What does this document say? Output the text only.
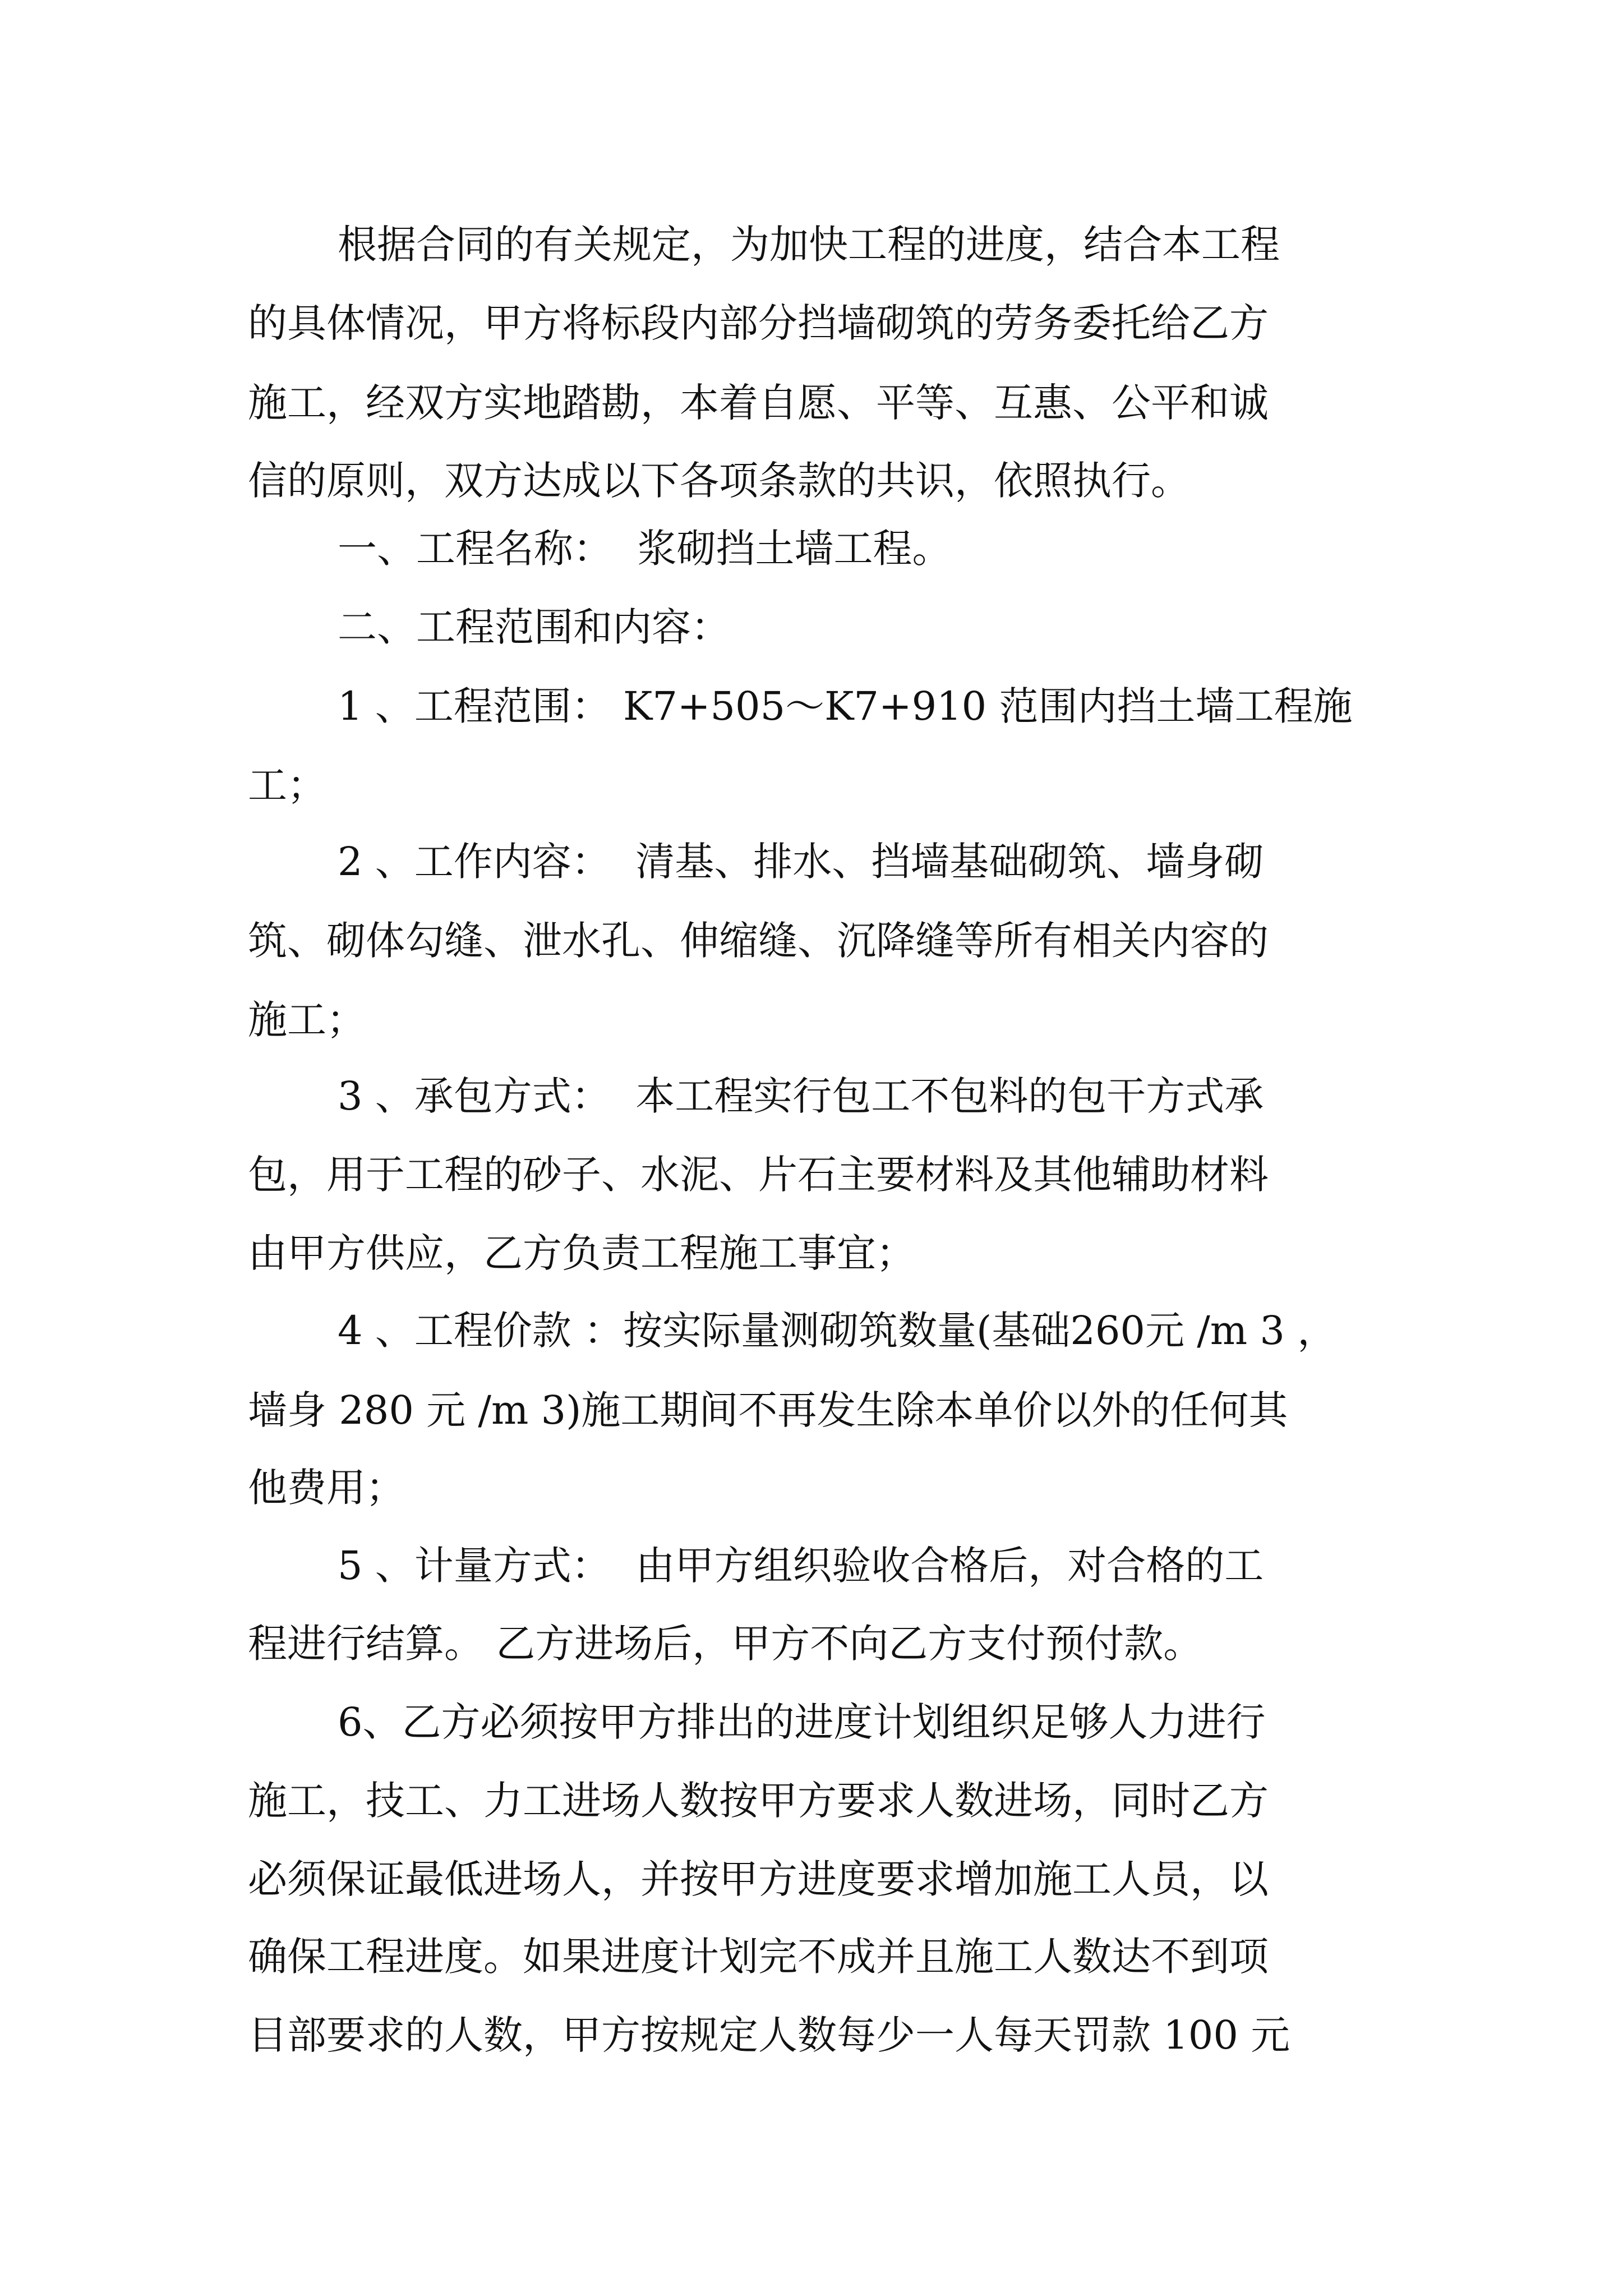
根据合同的有关规定，为加快工程的进度，结合本工程

的具体情况，甲方将标段内部分挡墙砌筑的劳务委托给乙方

施工，经双方实地踏勘，本着自愿、平等、互惠、公平和诚

信的原则，双方达成以下各项条款的共识，依照执行。

一、工程名称：  浆砌挡土墙工程。

二、工程范围和内容：

1 、工程范围： K7+505～K7+910 范围内挡土墙工程施

工；

2 、工作内容：  清基、排水、挡墙基础砌筑、墙身砌

筑、砌体勾缝、泄水孔、伸缩缝、沉降缝等所有相关内容的

施工；

3 、承包方式：  本工程实行包工不包料的包干方式承

包，用于工程的砂子、水泥、片石主要材料及其他辅助材料

由甲方供应，乙方负责工程施工事宜；

4 、工程价款 ：按实际量测砌筑数量(基础260元 /m 3 ，

墙身 280 元 /m 3)施工期间不再发生除本单价以外的任何其

他费用；

5 、计量方式：  由甲方组织验收合格后，对合格的工

程进行结算。 乙方进场后，甲方不向乙方支付预付款。

6、乙方必须按甲方排出的进度计划组织足够人力进行

施工，技工、力工进场人数按甲方要求人数进场，同时乙方

必须保证最低进场人，并按甲方进度要求增加施工人员，以

确保工程进度。如果进度计划完不成并且施工人数达不到项

目部要求的人数，甲方按规定人数每少一人每天罚款 100 元
